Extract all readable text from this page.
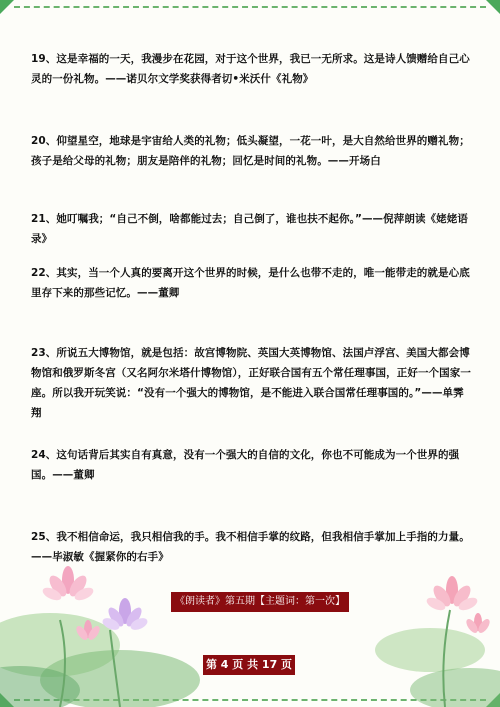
19、这是幸福的一天，我漫步在花园，对于这个世界，我已一无所求。这是诗人馈赠给自己心灵的一份礼物。——诺贝尔文学奖获得者切•米沃什《礼物》
20、仰望星空，地球是宇宙给人类的礼物；低头凝望，一花一叶，是大自然给世界的赠礼物；孩子是给父母的礼物；朋友是陪伴的礼物；回忆是时间的礼物。——开场白
21、她叮嘱我；“自己不倒，啥都能过去；自己倒了，谁也扶不起你。”——倪萍朗读《姥姥语录》
22、其实，当一个人真的要离开这个世界的时候，是什么也带不走的，唯一能带走的就是心底里存下来的那些记忆。——董卿
23、所说五大博物馆，就是包括：故宫博物院、英国大英博物馆、法国卢浮宫、美国大都会博物馆和俄罗斯冬宫（又名阿尔米塔什博物馆），正好联合国有五个常任理事国，正好一个国家一座。所以我开玩笑说：“没有一个强大的博物馆，是不能进入联合国常任理事国的。”——单霁翔
24、这句话背后其实自有真意，没有一个强大的自信的文化，你也不可能成为一个世界的强国。——董卿
25、我不相信命运，我只相信我的手。我不相信手掌的纹路，但我相信手掌加上手指的力量。——毕淑敏《握紧你的右手》
《朗读者》第五期【主题词：第一次】
第 4 页 共 17 页
